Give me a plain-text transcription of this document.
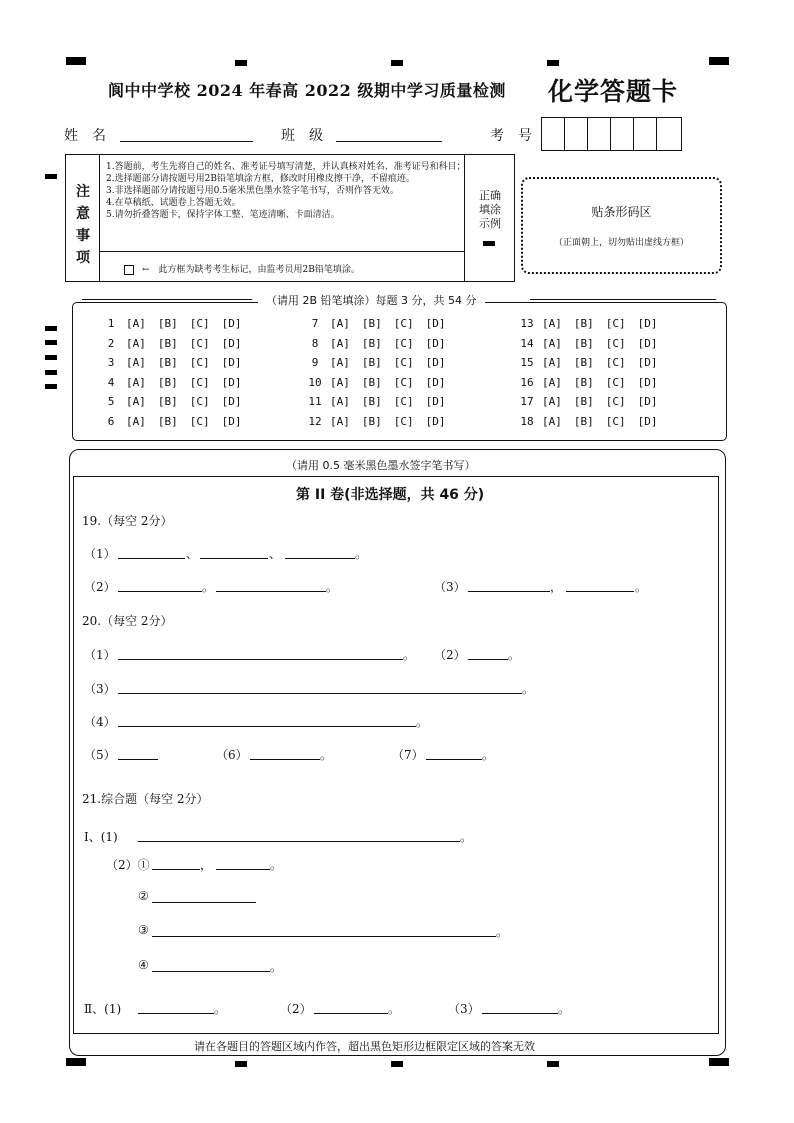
阆中中学校 2024 年春高 2022 级期中学习质量检测 化学答题卡
姓　名	班　级	考　号
注
意
事
项
1.答题前，考生先将自己的姓名、准考证号填写清楚，并认真核对姓名、准考证号和科目；
2.选择题部分请按题号用2B铅笔填涂方框，修改时用橡皮擦干净，不留痕迹。
3.非选择题部分请按题号用0.5毫米黑色墨水签字笔书写，否则作答无效。
4.在草稿纸、试题卷上答题无效。
5.请勿折叠答题卡，保持字体工整、笔迹清晰、卡面清洁。
←　此方框为缺考考生标记，由监考员用2B铅笔填涂。
正确填涂示例
贴条形码区
（正面朝上，切勿贴出虚线方框）
（请用 2B 铅笔填涂）每题 3 分，共 54 分
1 [A] [B] [C] [D]
2 [A] [B] [C] [D]
3 [A] [B] [C] [D]
4 [A] [B] [C] [D]
5 [A] [B] [C] [D]
6 [A] [B] [C] [D]
7 [A] [B] [C] [D]
8 [A] [B] [C] [D]
9 [A] [B] [C] [D]
10 [A] [B] [C] [D]
11 [A] [B] [C] [D]
12 [A] [B] [C] [D]
13 [A] [B] [C] [D]
14 [A] [B] [C] [D]
15 [A] [B] [C] [D]
16 [A] [B] [C] [D]
17 [A] [B] [C] [D]
18 [A] [B] [C] [D]
（请用 0.5 毫米黑色墨水签字笔书写）
第 II 卷(非选择题，共 46 分)
19.（每空 2分）
（1）	、	、	。
（2）	。	。	（3）	，	。
20.（每空 2分）
（1）	。 （2）	。
（3）	。
（4）	。
（5）	（6）	。	（7）	。
21.综合题（每空 2分）
Ⅰ、(1)	。
（2）①	，	。
②
③	。
④	。
Ⅱ、(1)	。	（2）	。	（3）	。
请在各题目的答题区域内作答，超出黑色矩形边框限定区域的答案无效
